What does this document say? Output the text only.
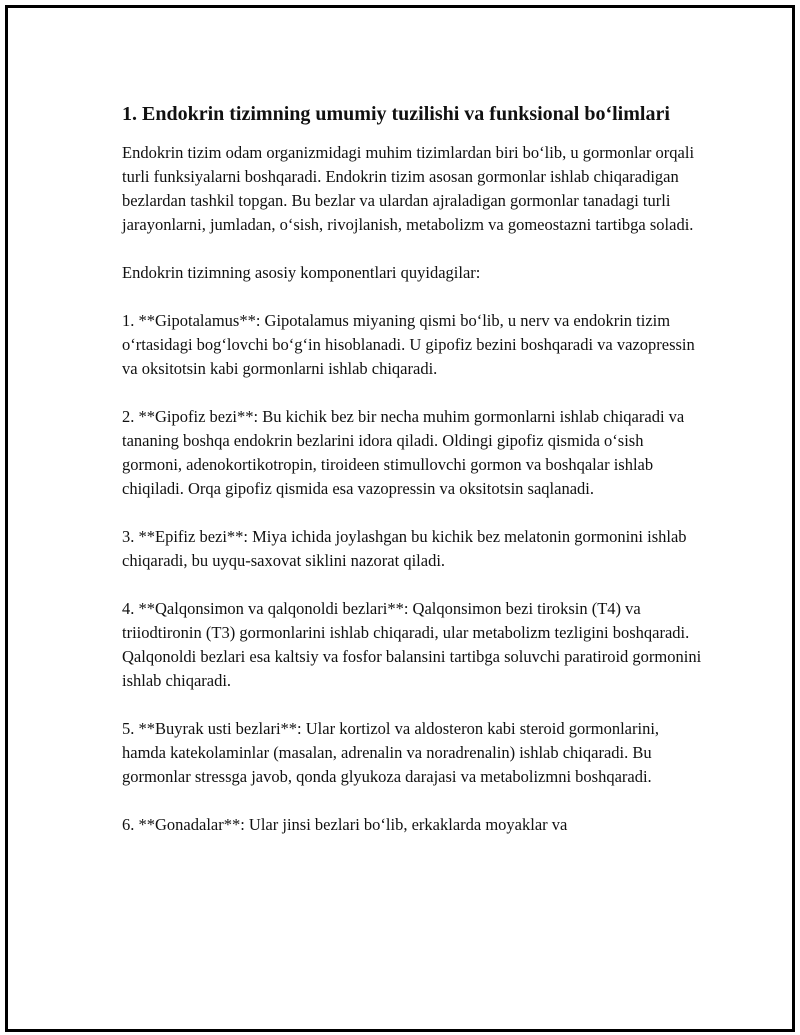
1. Endokrin tizimning umumiy tuzilishi va funksional bo‘limlari

Endokrin tizim odam organizmidagi muhim tizimlardan biri bo‘lib, u gormonlar orqali turli funksiyalarni boshqaradi. Endokrin tizim asosan gormonlar ishlab chiqaradigan bezlardan tashkil topgan. Bu bezlar va ulardan ajraladigan gormonlar tanadagi turli jarayonlarni, jumladan, o‘sish, rivojlanish, metabolizm va gomeostazni tartibga soladi.

Endokrin tizimning asosiy komponentlari quyidagilar:

1. **Gipotalamus**: Gipotalamus miyaning qismi bo‘lib, u nerv va endokrin tizim o‘rtasidagi bog‘lovchi bo‘g‘in hisoblanadi. U gipofiz bezini boshqaradi va vazopressin va oksitotsin kabi gormonlarni ishlab chiqaradi.

2. **Gipofiz bezi**: Bu kichik bez bir necha muhim gormonlarni ishlab chiqaradi va tananing boshqa endokrin bezlarini idora qiladi. Oldingi gipofiz qismida o‘sish gormoni, adenokortikotropin, tiroideen stimullovchi gormon va boshqalar ishlab chiqiladi. Orqa gipofiz qismida esa vazopressin va oksitotsin saqlanadi.

3. **Epifiz bezi**: Miya ichida joylashgan bu kichik bez melatonin gormonini ishlab chiqaradi, bu uyqu-saxovat siklini nazorat qiladi.

4. **Qalqonsimon va qalqonoldi bezlari**: Qalqonsimon bezi tiroksin (T4) va triiodtironin (T3) gormonlarini ishlab chiqaradi, ular metabolizm tezligini boshqaradi. Qalqonoldi bezlari esa kaltsiy va fosfor balansini tartibga soluvchi paratiroid gormonini ishlab chiqaradi.

5. **Buyrak usti bezlari**: Ular kortizol va aldosteron kabi steroid gormonlarini, hamda katekolaminlar (masalan, adrenalin va noradrenalin) ishlab chiqaradi. Bu gormonlar stressga javob, qonda glyukoza darajasi va metabolizmni boshqaradi.

6. **Gonadalar**: Ular jinsi bezlari bo‘lib, erkaklarda moyaklar va
